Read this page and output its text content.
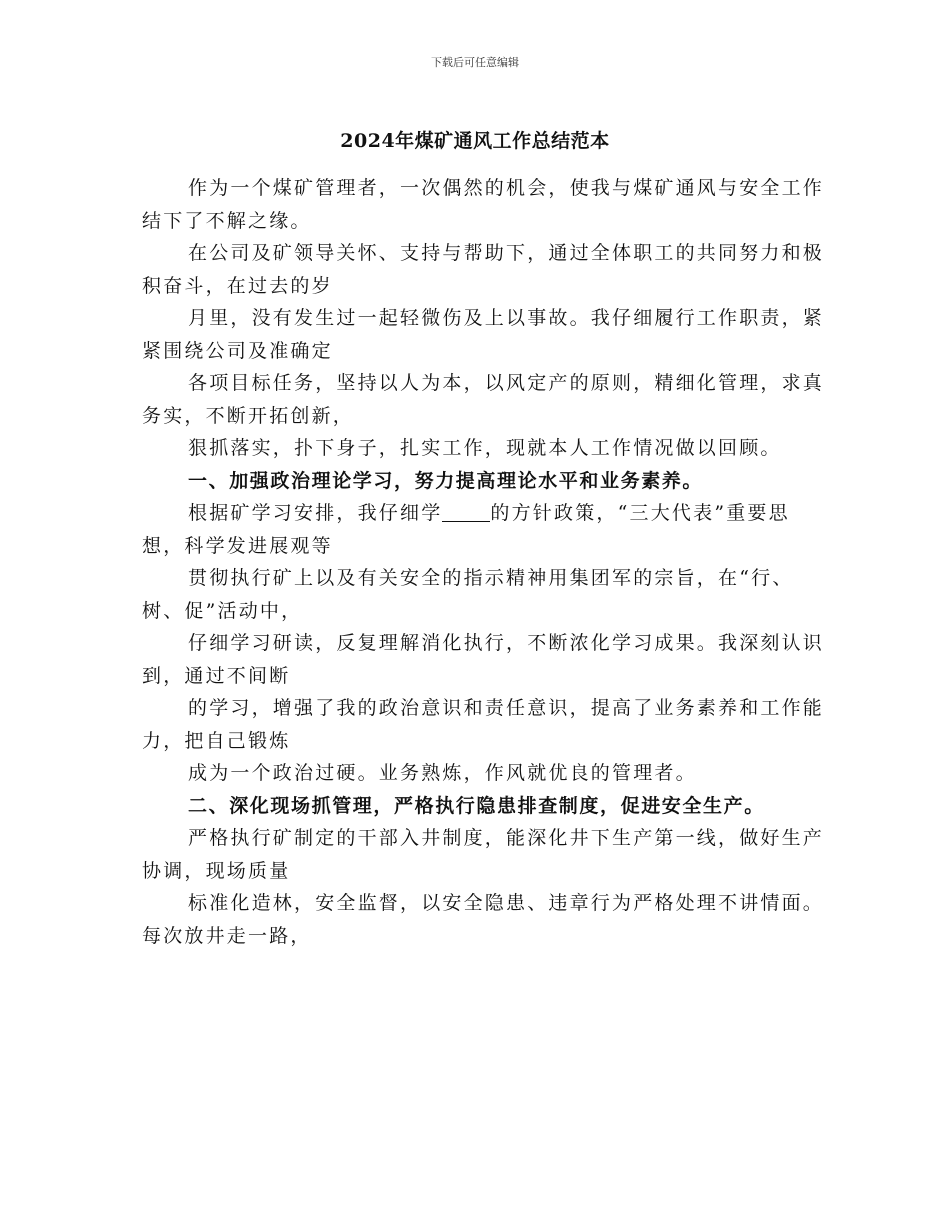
下载后可任意编辑
2024年煤矿通风工作总结范本

作为一个煤矿管理者，一次偶然的机会，使我与煤矿通风与安全工作结下了不解之缘。

在公司及矿领导关怀、支持与帮助下，通过全体职工的共同努力和极积奋斗，在过去的岁

月里，没有发生过一起轻微伤及上以事故。我仔细履行工作职责，紧紧围绕公司及准确定

各项目标任务，坚持以人为本，以风定产的原则，精细化管理，求真务实，不断开拓创新，

狠抓落实，扑下身子，扎实工作，现就本人工作情况做以回顾。

一、加强政治理论学习，努力提高理论水平和业务素养。

根据矿学习安排，我仔细学	的方针政策，“三大代表”重要思想，科学发进展观等

贯彻执行矿上以及有关安全的指示精神用集团军的宗旨，在“行、树、促”活动中，

仔细学习研读，反复理解消化执行，不断浓化学习成果。我深刻认识到，通过不间断

的学习，增强了我的政治意识和责任意识，提高了业务素养和工作能力，把自己锻炼

成为一个政治过硬。业务熟炼，作风就优良的管理者。

二、深化现场抓管理，严格执行隐患排查制度，促进安全生产。

严格执行矿制定的干部入井制度，能深化井下生产第一线，做好生产协调，现场质量

标准化造林，安全监督，以安全隐患、违章行为严格处理不讲情面。每次放井走一路，
